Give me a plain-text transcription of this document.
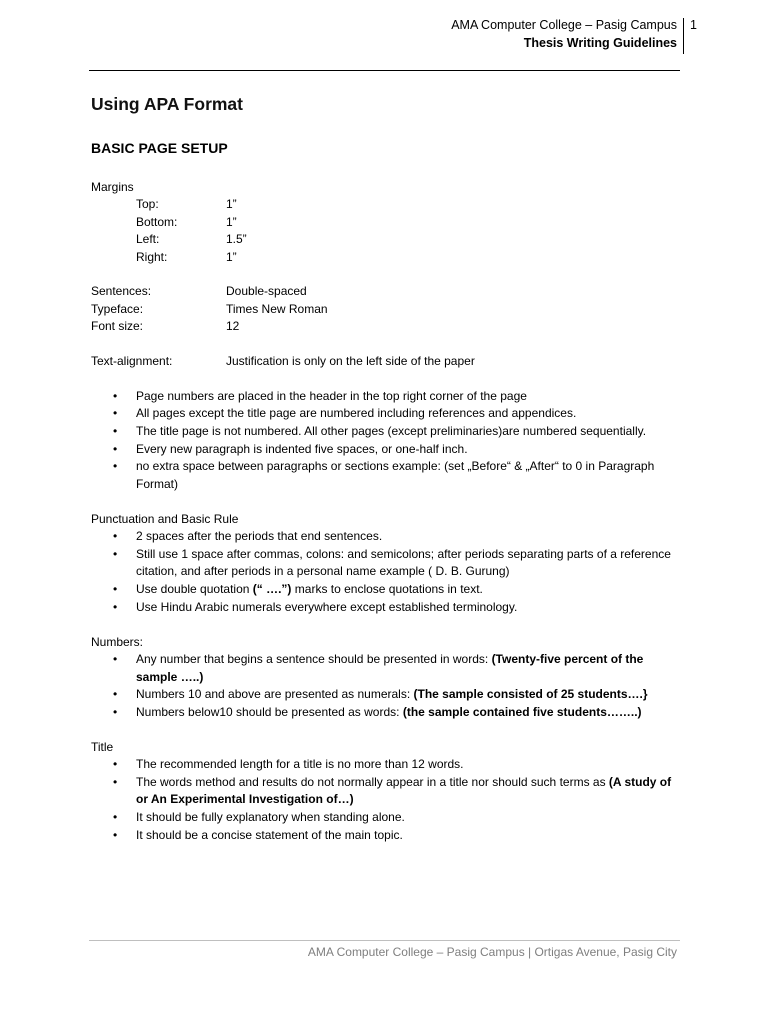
AMA Computer College – Pasig Campus
Thesis Writing Guidelines
1
Using APA Format
BASIC PAGE SETUP
Margins
Top:	1”
Bottom:	1”
Left:	1.5”
Right:	1”
Sentences:	Double-spaced
Typeface:	Times New Roman
Font size:	12
Text-alignment:	Justification is only on the left side of the paper
• Page numbers are placed in the header in the top right corner of the page
• All pages except the title page are numbered including references and appendices.
• The title page is not numbered. All other pages (except preliminaries)are numbered sequentially.
• Every new paragraph is indented five spaces, or one-half inch.
• no extra space between paragraphs or sections example: (set „Before“ & „After“ to 0 in Paragraph Format)
Punctuation and Basic Rule
• 2 spaces after the periods that end sentences.
• Still use 1 space after commas, colons: and semicolons; after periods separating parts of a reference citation, and after periods in a personal name example ( D. B. Gurung)
• Use double quotation (“ ….”) marks to enclose quotations in text.
• Use Hindu Arabic numerals everywhere except established terminology.
Numbers:
• Any number that begins a sentence should be presented in words: (Twenty-five percent of the sample …..)
• Numbers 10 and above are presented as numerals: (The sample consisted of 25 students….}
• Numbers below10 should be presented as words: (the sample contained five students……..)
Title
• The recommended length for a title is no more than 12 words.
• The words method and results do not normally appear in a title nor should such terms as (A study of or An Experimental Investigation of…)
• It should be fully explanatory when standing alone.
• It should be a concise statement of the main topic.
AMA Computer College – Pasig Campus | Ortigas Avenue, Pasig City
